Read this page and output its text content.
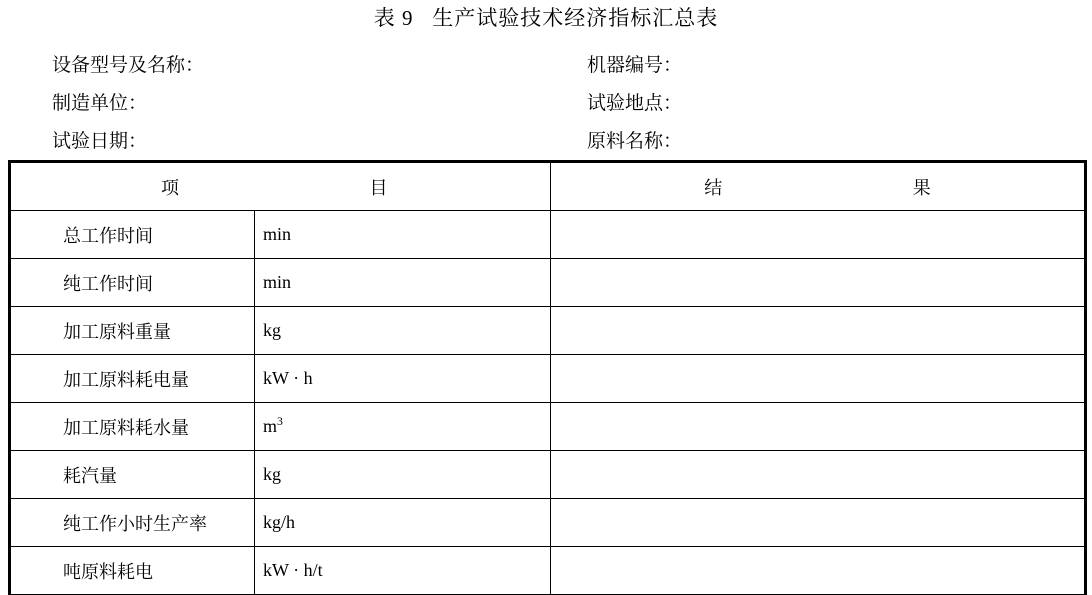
表 9   生产试验技术经济指标汇总表
设备型号及名称：	机器编号：
制造单位：	试验地点：
试验日期：	原料名称：
项     目		结     果

总工作时间	min	
纯工作时间	min	
加工原料重量	kg	
加工原料耗电量	kW · h	
加工原料耗水量	$m^3$	
耗汽量	kg	
纯工作小时生产率	kg/h	
吨原料耗电	kW · h/t	
